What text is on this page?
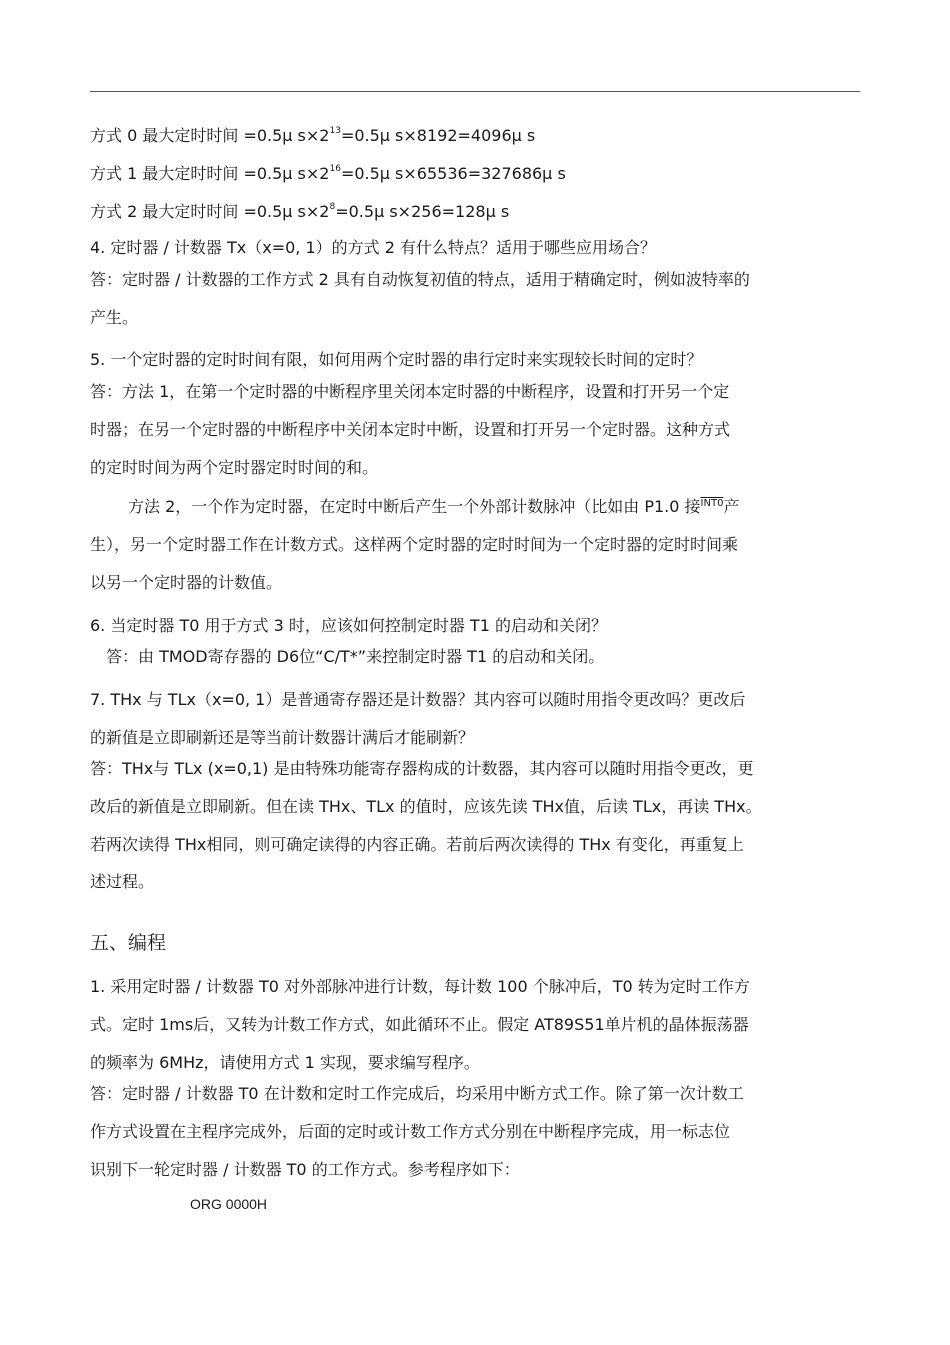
方式 0 最大定时时间 =0.5μ $s\times 2^{13}=0.5\mu$ s×8192=4096μ s
方式 1 最大定时时间 =0.5μ $s\times 2^{16}=0.5\mu$ s×65536=327686μ s
方式 2 最大定时时间 =0.5μ $s\times 2^8=0.5\mu$ s×256=128μ s
4. 定时器 / 计数器 Tx（x=0, 1）的方式 2 有什么特点？适用于哪些应用场合？
答：定时器 / 计数器的工作方式 2 具有自动恢复初值的特点，适用于精确定时，例如波特率的
产生。
5. 一个定时器的定时时间有限，如何用两个定时器的串行定时来实现较长时间的定时？
答：方法 1，在第一个定时器的中断程序里关闭本定时器的中断程序，设置和打开另一个定
时器；在另一个定时器的中断程序中关闭本定时中断，设置和打开另一个定时器。这种方式
的定时时间为两个定时器定时时间的和。
方法 2，一个作为定时器，在定时中断后产生一个外部计数脉冲（比如由 P1.0 接$^{INT0}$产
生），另一个定时器工作在计数方式。这样两个定时器的定时时间为一个定时器的定时时间乘
以另一个定时器的计数值。
6. 当定时器 T0 用于方式 3 时，应该如何控制定时器 T1 的启动和关闭？
答：由 TMOD寄存器的 D6位“C/T*”来控制定时器 T1 的启动和关闭。
7. THx 与 TLx（x=0, 1）是普通寄存器还是计数器？其内容可以随时用指令更改吗？更改后
的新值是立即刷新还是等当前计数器计满后才能刷新？
答：THx与 TLx (x=0,1) 是由特殊功能寄存器构成的计数器，其内容可以随时用指令更改，更
改后的新值是立即刷新。但在读 THx、TLx 的值时，应该先读 THx值，后读 TLx，再读 THx。
若两次读得 THx相同，则可确定读得的内容正确。若前后两次读得的 THx 有变化，再重复上
述过程。
五、编程
1. 采用定时器 / 计数器 T0 对外部脉冲进行计数，每计数 100 个脉冲后，T0 转为定时工作方
式。定时 1ms后，又转为计数工作方式，如此循环不止。假定 AT89S51单片机的晶体振荡器
的频率为 6MHz，请使用方式 1 实现，要求编写程序。
答：定时器 / 计数器 T0 在计数和定时工作完成后，均采用中断方式工作。除了第一次计数工
作方式设置在主程序完成外，后面的定时或计数工作方式分别在中断程序完成，用一标志位
识别下一轮定时器 / 计数器 T0 的工作方式。参考程序如下：
ORG 0000H
